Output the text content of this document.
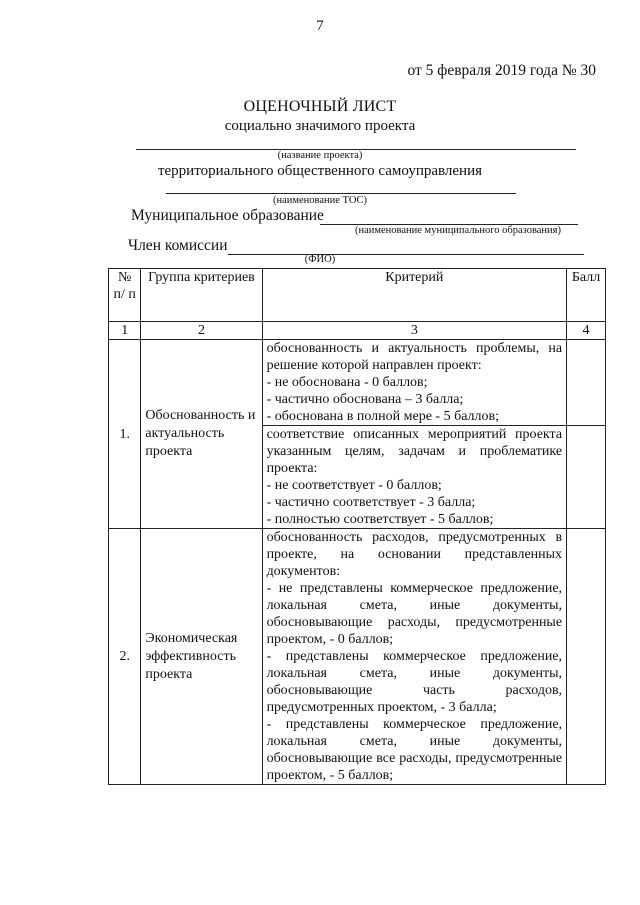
7
от 5 февраля 2019 года № 30
ОЦЕНОЧНЫЙ ЛИСТ
социально значимого проекта
(название проекта)
территориального общественного самоуправления
(наименование ТОС)
Муниципальное образование
(наименование муниципального образования)
Член комиссии
(ФИО)
№ п/ п	Группа критериев	Критерий	Балл
1	2	3	4
1.	Обоснованность и актуальность проекта	обоснованность и актуальность проблемы, на решение которой направлен проект:
- не обоснована - 0 баллов;
- частично обоснована – 3 балла;
- обоснована в полной мере - 5 баллов;	

		соответствие описанных мероприятий проекта указанным целям, задачам и проблематике проекта:
- не соответствует - 0 баллов;
- частично соответствует - 3 балла;
- полностью соответствует - 5 баллов;	

2.	Экономическая эффективность проекта	обоснованность расходов, предусмотренных в проекте, на основании представленных документов:
- не представлены коммерческое предложение, локальная смета, иные документы, обосновывающие расходы, предусмотренные проектом, - 0 баллов;
- представлены коммерческое предложение, локальная смета, иные документы, обосновывающие часть расходов, предусмотренных проектом, - 3 балла;
- представлены коммерческое предложение, локальная смета, иные документы, обосновывающие все расходы, предусмотренные проектом, - 5 баллов;	
